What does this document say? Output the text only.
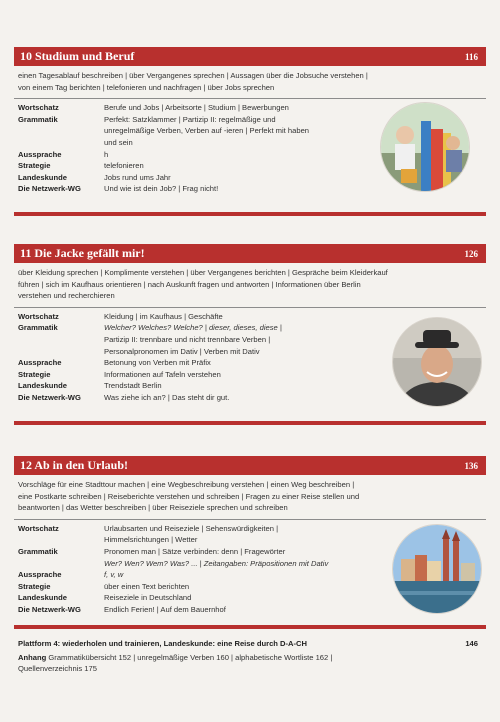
10 Studium und Beruf	116
einen Tagesablauf beschreiben | über Vergangenes sprechen | Aussagen über die Jobsuche verstehen |
von einem Tag berichten | telefonieren und nachfragen | über Jobs sprechen
Wortschatz	Berufe und Jobs | Arbeitsorte | Studium | Bewerbungen
Grammatik	Perfekt: Satzklammer | Partizip II: regelmäßige und
unregelmäßige Verben, Verben auf -ieren | Perfekt mit haben
und sein
Aussprache	h
Strategie	telefonieren
Landeskunde	Jobs rund ums Jahr
Die Netzwerk-WG	Und wie ist dein Job? | Frag nicht!
11 Die Jacke gefällt mir!	126
über Kleidung sprechen | Komplimente verstehen | über Vergangenes berichten | Gespräche beim Kleiderkauf
führen | sich im Kaufhaus orientieren | nach Auskunft fragen und antworten | Informationen über Berlin
verstehen und recherchieren
Wortschatz	Kleidung | im Kaufhaus | Geschäfte
Grammatik	Welcher? Welches? Welche? | dieser, dieses, diese |
Partizip II: trennbare und nicht trennbare Verben |
Personalpronomen im Dativ | Verben mit Dativ
Aussprache	Betonung von Verben mit Präfix
Strategie	Informationen auf Tafeln verstehen
Landeskunde	Trendstadt Berlin
Die Netzwerk-WG	Was ziehe ich an? | Das steht dir gut.
12 Ab in den Urlaub!	136
Vorschläge für eine Stadttour machen | eine Wegbeschreibung verstehen | einen Weg beschreiben |
eine Postkarte schreiben | Reiseberichte verstehen und schreiben | Fragen zu einer Reise stellen und
beantworten | das Wetter beschreiben | über Reiseziele sprechen und schreiben
Wortschatz	Urlaubsarten und Reiseziele | Sehenswürdigkeiten |
Himmelsrichtungen | Wetter
Grammatik	Pronomen man | Sätze verbinden: denn | Fragewörter
Wer? Wen? Wem? Was? ... | Zeitangaben: Präpositionen mit Dativ
Aussprache	f, v, w
Strategie	über einen Text berichten
Landeskunde	Reiseziele in Deutschland
Die Netzwerk-WG	Endlich Ferien! | Auf dem Bauernhof
Plattform 4: wiederholen und trainieren, Landeskunde: eine Reise durch D-A-CH	146
Anhang Grammatikübersicht 152 | unregelmäßige Verben 160 | alphabetische Wortliste 162 |
Quellenverzeichnis 175
